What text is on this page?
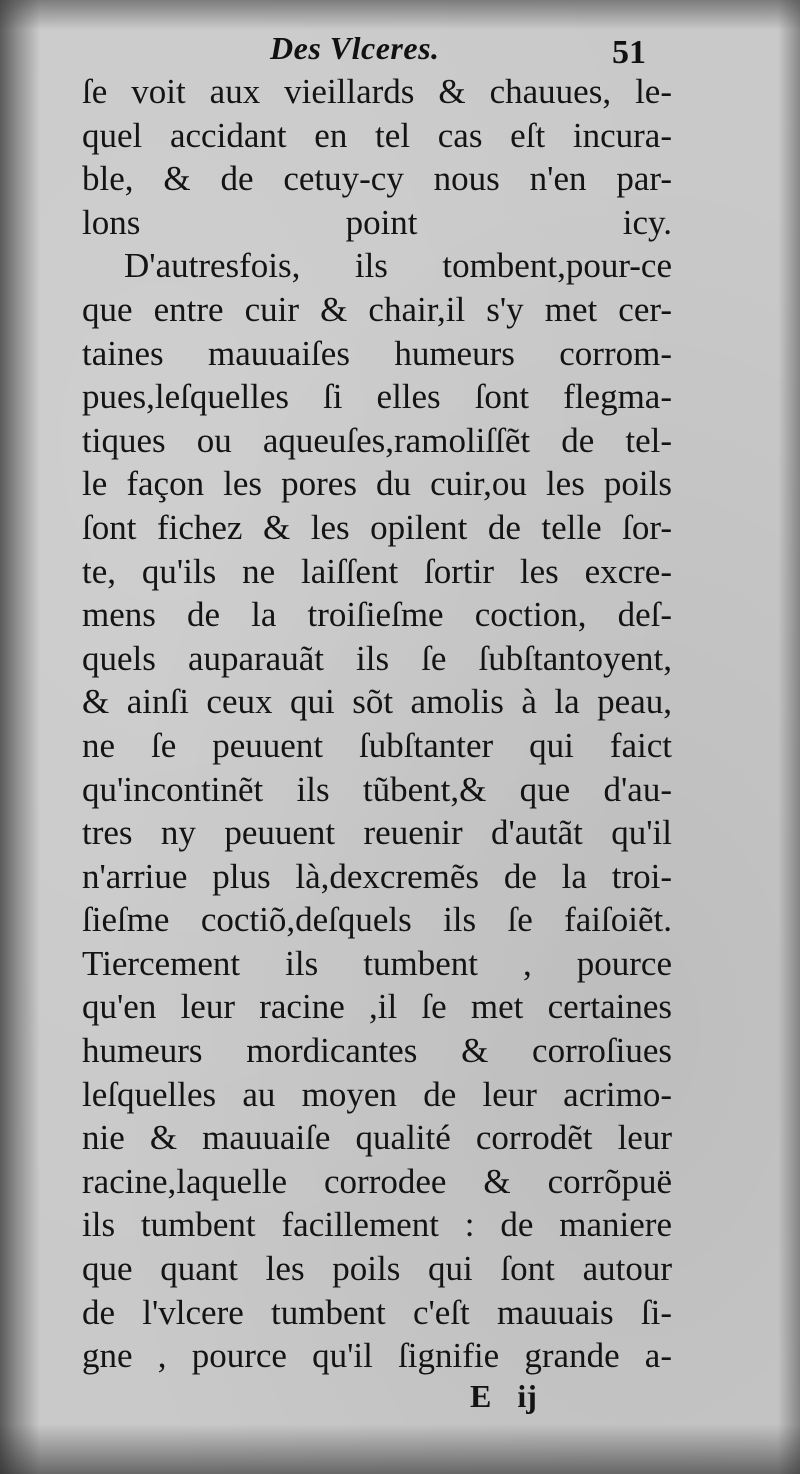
Des Vlceres.	51
ſe voit aux vieillards & chauues, le-
quel accidant en tel cas eſt incura-
ble, & de cetuy-cy nous n'en par-
lons point icy.
D'autresfois, ils tombent,pour-ce
que entre cuir & chair,il s'y met cer-
taines mauuaiſes humeurs corrom-
pues,leſquelles ſi elles ſont flegma-
tiques ou aqueuſes,ramoliſſẽt de tel-
le façon les pores du cuir,ou les poils
ſont fichez & les opilent de telle ſor-
te, qu'ils ne laiſſent ſortir les excre-
mens de la troiſieſme coction, deſ-
quels auparauãt ils ſe ſubſtantoyent,
& ainſi ceux qui sõt amolis à la peau,
ne ſe peuuent ſubſtanter qui faict
qu'incontinẽt ils tũbent,& que d'au-
tres ny peuuent reuenir d'autãt qu'il
n'arriue plus là,dexcremẽs de la troi-
ſieſme coctiõ,deſquels ils ſe faiſoiẽt.
Tiercement ils tumbent , pource
qu'en leur racine ,il ſe met certaines
humeurs mordicantes & corroſiues
leſquelles au moyen de leur acrimo-
nie & mauuaiſe qualité corrodẽt leur
racine,laquelle corrodee & corrõpuë
ils tumbent facillement : de maniere
que quant les poils qui ſont autour
de l'vlcere tumbent c'eſt mauuais ſi-
gne , pource qu'il ſignifie grande a-
E ij
